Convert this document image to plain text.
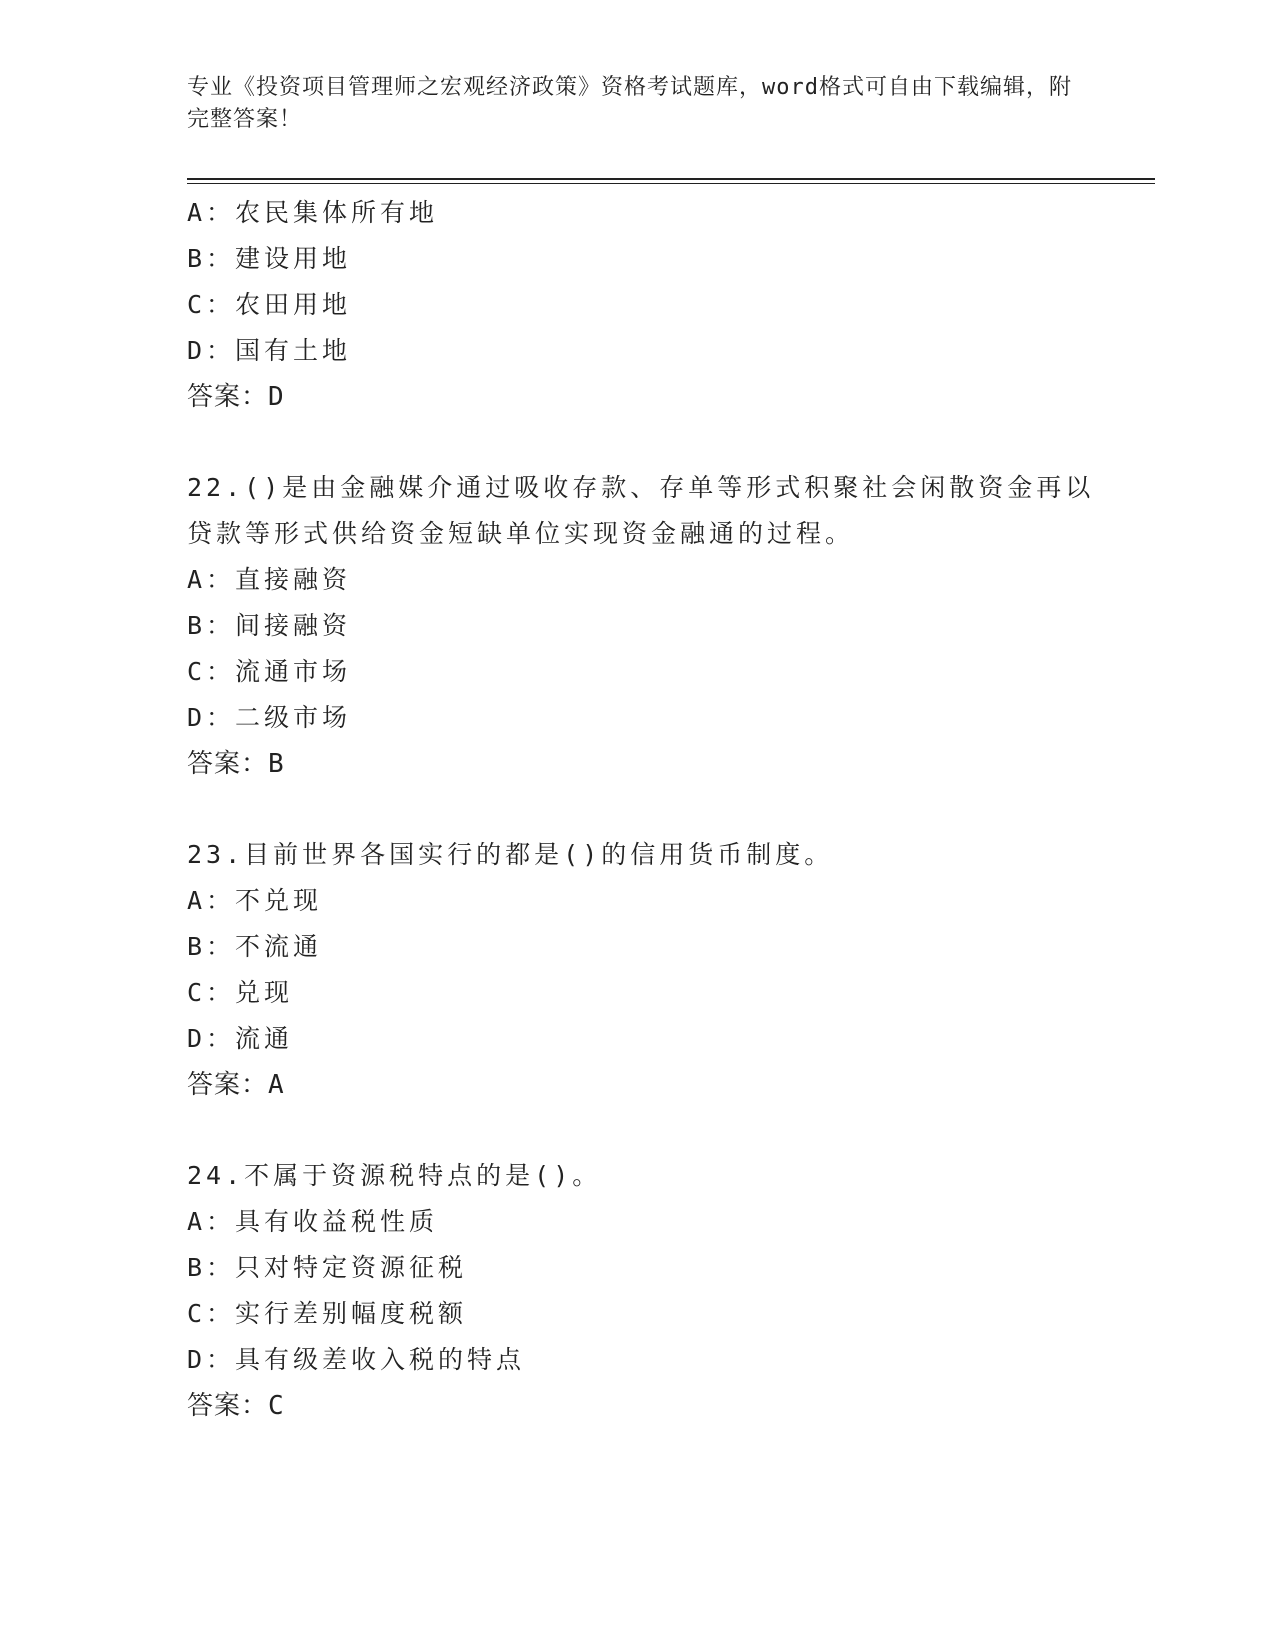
专业《投资项目管理师之宏观经济政策》资格考试题库，word格式可自由下载编辑，附完整答案！
A：农民集体所有地
B：建设用地
C：农田用地
D：国有土地
答案：D
22.()是由金融媒介通过吸收存款、存单等形式积聚社会闲散资金再以贷款等形式供给资金短缺单位实现资金融通的过程。
A：直接融资
B：间接融资
C：流通市场
D：二级市场
答案：B
23.目前世界各国实行的都是()的信用货币制度。
A：不兑现
B：不流通
C：兑现
D：流通
答案：A
24.不属于资源税特点的是()。
A：具有收益税性质
B：只对特定资源征税
C：实行差别幅度税额
D：具有级差收入税的特点
答案：C
